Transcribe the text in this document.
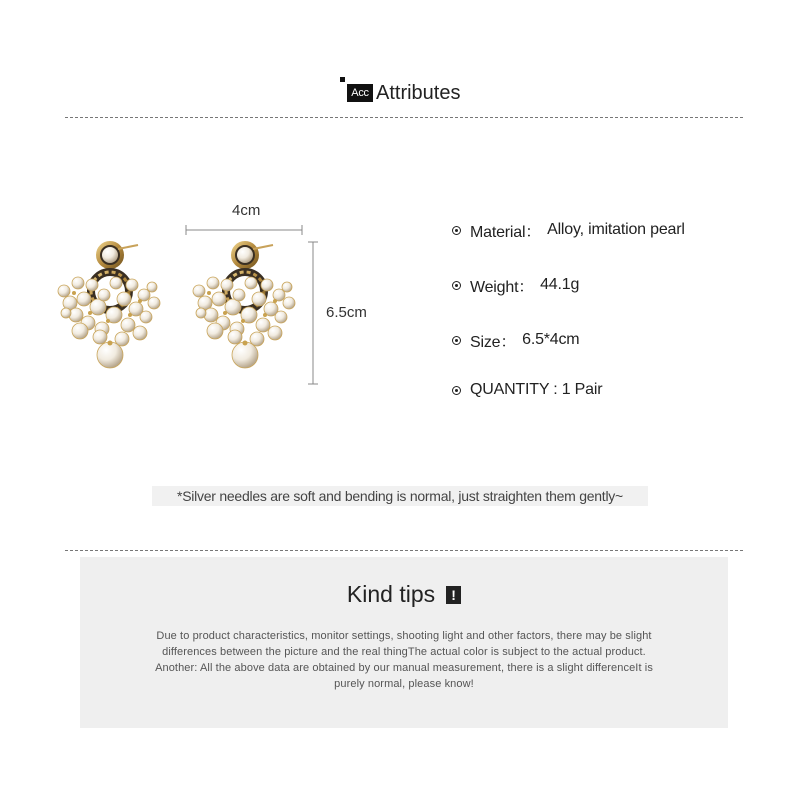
Acc Attributes
4cm
6.5cm
Material： Alloy, imitation pearl
Weight： 44.1g
Size： 6.5*4cm
QUANTITY : 1 Pair
*Silver needles are soft and bending is normal, just straighten them gently~
Kind tips	!
Due to product characteristics, monitor settings, shooting light and other factors, there may be slight
differences between the picture and the real thingThe actual color is subject to the actual product.
Another: All the above data are obtained by our manual measurement, there is a slight differenceIt is
purely normal, please know!
